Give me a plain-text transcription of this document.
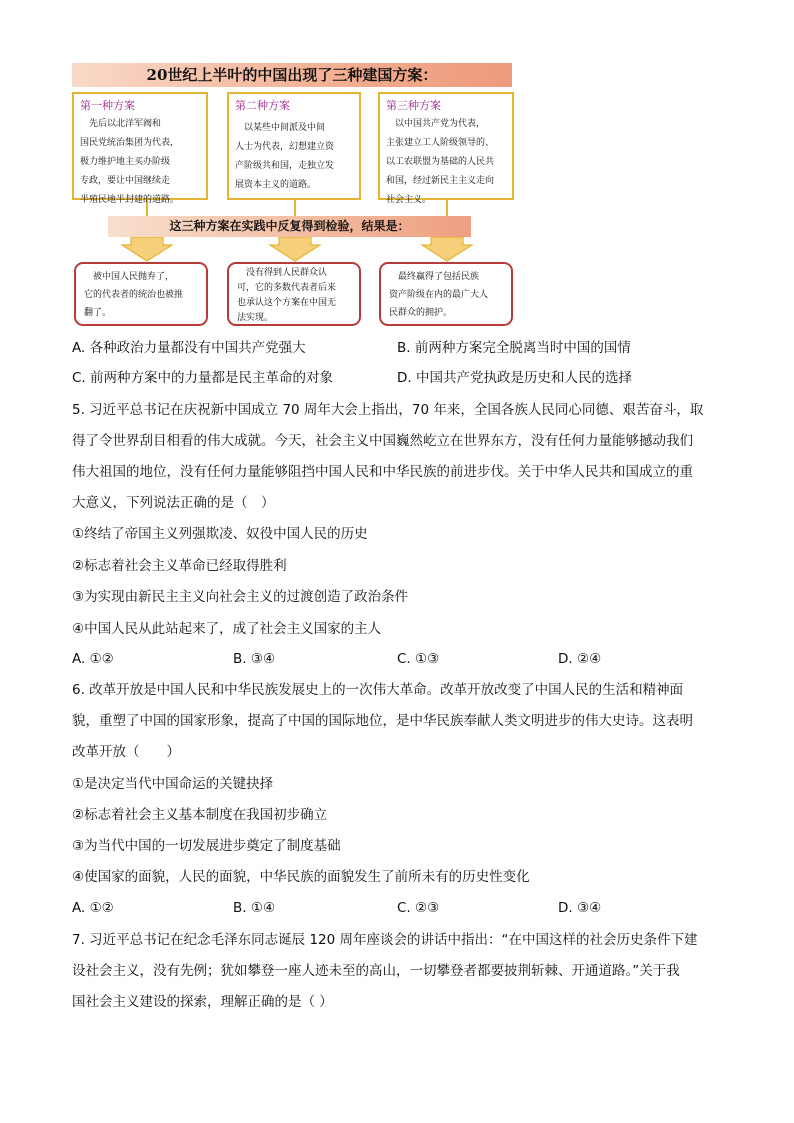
20世纪上半叶的中国出现了三种建国方案：
第一种方案
　先后以北洋军阀和
国民党统治集团为代表，
极力维护地主买办阶级
专政，要让中国继续走
半殖民地半封建的道路。
第二种方案
　以某些中间派及中间
人士为代表，幻想建立资
产阶级共和国，走独立发
展资本主义的道路。
第三种方案
　以中国共产党为代表，
主张建立工人阶级领导的、
以工农联盟为基础的人民共
和国，经过新民主主义走向
社会主义。
这三种方案在实践中反复得到检验，结果是：
　被中国人民抛弃了，
它的代表者的统治也被推
翻了。
　没有得到人民群众认
可，它的多数代表者后来
也承认这个方案在中国无
法实现。
　最终赢得了包括民族
资产阶级在内的最广大人
民群众的拥护。
A. 各种政治力量都没有中国共产党强大	B. 前两种方案完全脱离当时中国的国情
C. 前两种方案中的力量都是民主革命的对象	D. 中国共产党执政是历史和人民的选择
5. 习近平总书记在庆祝新中国成立 70 周年大会上指出，70 年来，全国各族人民同心同德、艰苦奋斗，取
得了令世界刮目相看的伟大成就。今天，社会主义中国巍然屹立在世界东方，没有任何力量能够撼动我们
伟大祖国的地位，没有任何力量能够阻挡中国人民和中华民族的前进步伐。关于中华人民共和国成立的重
大意义，下列说法正确的是（　）
①终结了帝国主义列强欺凌、奴役中国人民的历史
②标志着社会主义革命已经取得胜利
③为实现由新民主主义向社会主义的过渡创造了政治条件
④中国人民从此站起来了，成了社会主义国家的主人
A. ①②	B. ③④	C. ①③	D. ②④
6. 改革开放是中国人民和中华民族发展史上的一次伟大革命。改革开放改变了中国人民的生活和精神面
貌，重塑了中国的国家形象，提高了中国的国际地位，是中华民族奉献人类文明进步的伟大史诗。这表明
改革开放（　　）
①是决定当代中国命运的关键抉择
②标志着社会主义基本制度在我国初步确立
③为当代中国的一切发展进步奠定了制度基础
④使国家的面貌，人民的面貌，中华民族的面貌发生了前所未有的历史性变化
A. ①②	B. ①④	C. ②③	D. ③④
7. 习近平总书记在纪念毛泽东同志诞辰 120 周年座谈会的讲话中指出：“在中国这样的社会历史条件下建
设社会主义，没有先例；犹如攀登一座人迹未至的高山，一切攀登者都要披荆斩棘、开通道路。”关于我
国社会主义建设的探索，理解正确的是（ ）
